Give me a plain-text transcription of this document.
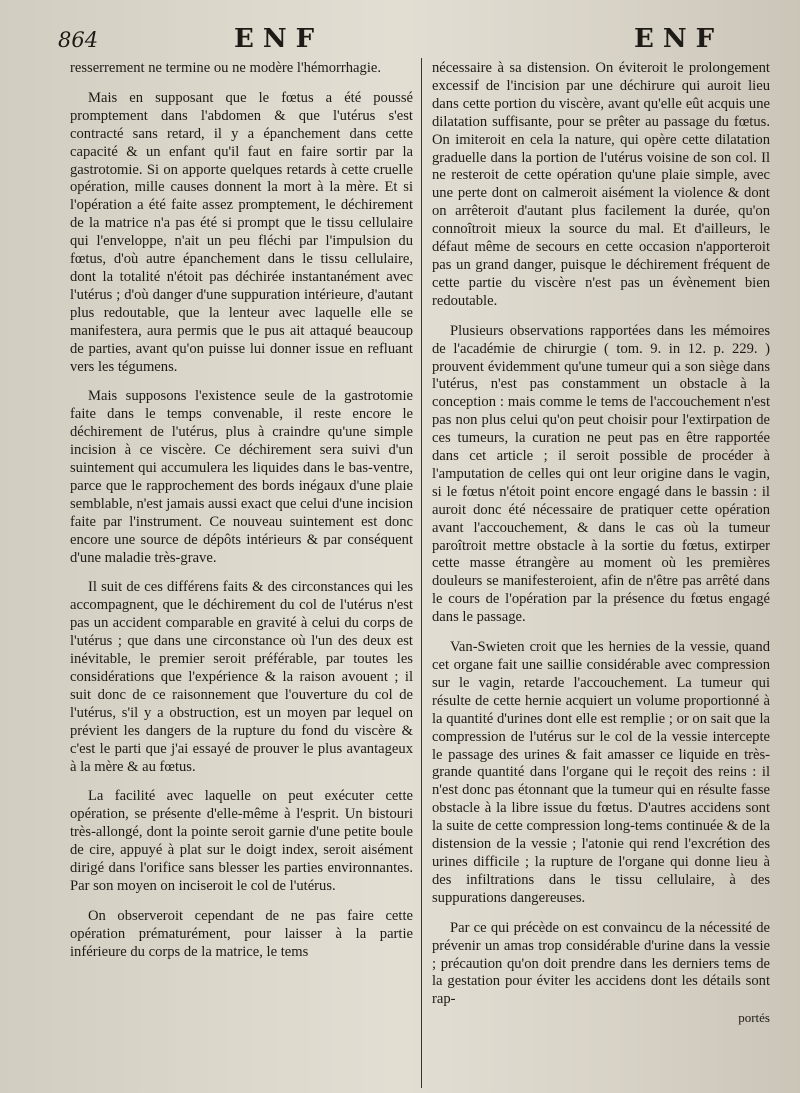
864	ENF	ENF

resserrement ne termine ou ne modère l'hémorrhagie.

Mais en supposant que le fœtus a été poussé promptement dans l'abdomen & que l'utérus s'est contracté sans retard, il y a épanchement dans cette capacité & un enfant qu'il faut en faire sortir par la gastrotomie. Si on apporte quelques retards à cette cruelle opération, mille causes donnent la mort à la mère. Et si l'opération a été faite assez promptement, le déchirement de la matrice n'a pas été si prompt que le tissu cellulaire qui l'enveloppe, n'ait un peu fléchi par l'impulsion du fœtus, d'où autre épanchement dans le tissu cellulaire, dont la totalité n'étoit pas déchirée instantanément avec l'utérus ; d'où danger d'une suppuration intérieure, d'autant plus redoutable, que la lenteur avec laquelle elle se manifestera, aura permis que le pus ait attaqué beaucoup de parties, avant qu'on puisse lui donner issue en refluant vers les tégumens.

Mais supposons l'existence seule de la gastrotomie faite dans le temps convenable, il reste encore le déchirement de l'utérus, plus à craindre qu'une simple incision à ce viscère. Ce déchirement sera suivi d'un suintement qui accumulera les liquides dans le bas-ventre, parce que le rapprochement des bords inégaux d'une plaie semblable, n'est jamais aussi exact que celui d'une incision faite par l'instrument. Ce nouveau suintement est donc encore une source de dépôts intérieurs & par conséquent d'une maladie très-grave.

Il suit de ces différens faits & des circonstances qui les accompagnent, que le déchirement du col de l'utérus n'est pas un accident comparable en gravité à celui du corps de l'utérus ; que dans une circonstance où l'un des deux est inévitable, le premier seroit préférable, par toutes les considérations que l'expérience & la raison avouent ; il suit donc de ce raisonnement que l'ouverture du col de l'utérus, s'il y a obstruction, est un moyen par lequel on prévient les dangers de la rupture du fond du viscère & c'est le parti que j'ai essayé de prouver le plus avantageux à la mère & au fœtus.

La facilité avec laquelle on peut exécuter cette opération, se présente d'elle-même à l'esprit. Un bistouri très-allongé, dont la pointe seroit garnie d'une petite boule de cire, appuyé à plat sur le doigt index, seroit aisément dirigé dans l'orifice sans blesser les parties environnantes. Par son moyen on inciseroit le col de l'utérus.

On observeroit cependant de ne pas faire cette opération prématurément, pour laisser à la partie inférieure du corps de la matrice, le tems

nécessaire à sa distension. On éviteroit le prolongement excessif de l'incision par une déchirure qui auroit lieu dans cette portion du viscère, avant qu'elle eût acquis une dilatation suffisante, pour se prêter au passage du fœtus. On imiteroit en cela la nature, qui opère cette dilatation graduelle dans la portion de l'utérus voisine de son col. Il ne resteroit de cette opération qu'une plaie simple, avec une perte dont on calmeroit aisément la violence & dont on arrêteroit d'autant plus facilement la durée, qu'on connoîtroit mieux la source du mal. Et d'ailleurs, le défaut même de secours en cette occasion n'apporteroit pas un grand danger, puisque le déchirement fréquent de cette partie du viscère n'est pas un évènement bien redoutable.

Plusieurs observations rapportées dans les mémoires de l'académie de chirurgie ( tom. 9. in 12. p. 229. ) prouvent évidemment qu'une tumeur qui a son siège dans l'utérus, n'est pas constamment un obstacle à la conception : mais comme le tems de l'accouchement n'est pas non plus celui qu'on peut choisir pour l'extirpation de ces tumeurs, la curation ne peut pas en être rapportée dans cet article ; il seroit possible de procéder à l'amputation de celles qui ont leur origine dans le vagin, si le fœtus n'étoit point encore engagé dans le bassin : il auroit donc été nécessaire de pratiquer cette opération avant l'accouchement, & dans le cas où la tumeur paroîtroit mettre obstacle à la sortie du fœtus, extirper cette masse étrangère au moment où les premières douleurs se manifesteroient, afin de n'être pas arrêté dans le cours de l'opération par la présence du fœtus engagé dans le passage.

Van-Swieten croit que les hernies de la vessie, quand cet organe fait une saillie considérable avec compression sur le vagin, retarde l'accouchement. La tumeur qui résulte de cette hernie acquiert un volume proportionné à la quantité d'urines dont elle est remplie ; or on sait que la compression de l'utérus sur le col de la vessie intercepte le passage des urines & fait amasser ce liquide en très-grande quantité dans l'organe qui le reçoit des reins : il n'est donc pas étonnant que la tumeur qui en résulte fasse obstacle à la libre issue du fœtus. D'autres accidens sont la suite de cette compression long-tems continuée & de la distension de la vessie ; l'atonie qui rend l'excrétion des urines difficile ; la rupture de l'organe qui donne lieu à des infiltrations dans le tissu cellulaire, à des suppurations dangereuses.

Par ce qui précède on est convaincu de la nécessité de prévenir un amas trop considérable d'urine dans la vessie ; précaution qu'on doit prendre dans les derniers tems de la gestation pour éviter les accidens dont les détails sont rap-

portés
